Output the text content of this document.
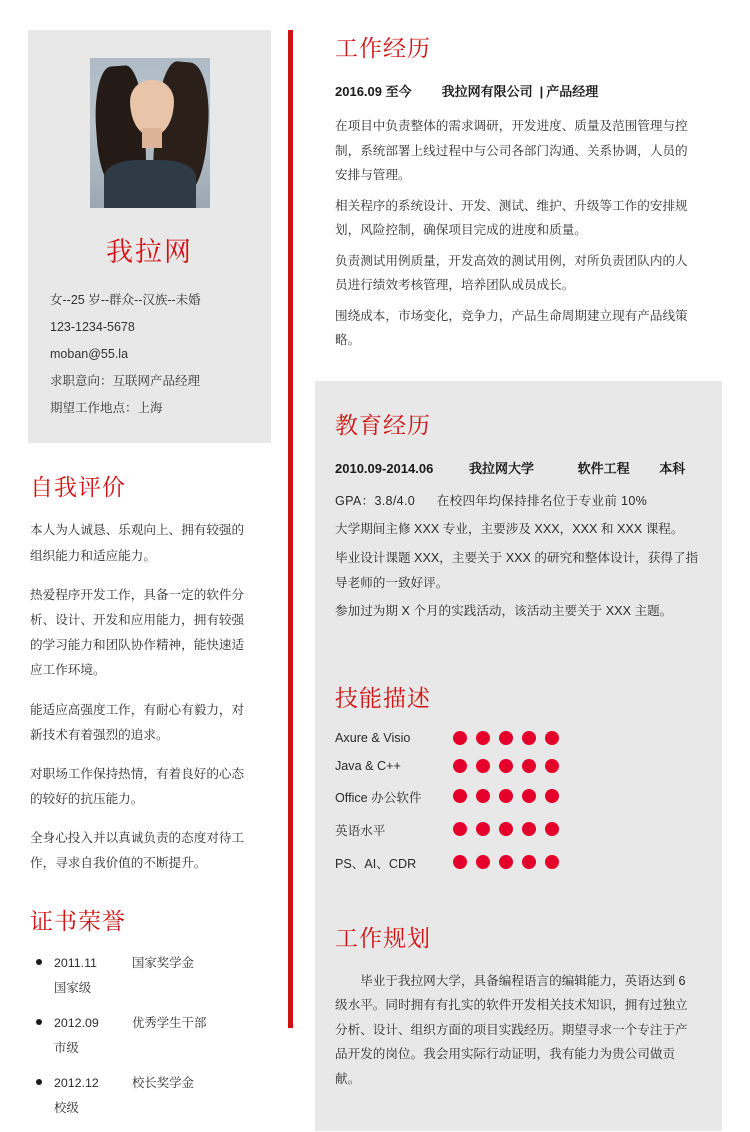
我拉网
女--25 岁--群众--汉族--未婚
123-1234-5678
moban@55.la
求职意向：互联网产品经理
期望工作地点：上海
自我评价

本人为人诚恳、乐观向上、拥有较强的组织能力和适应能力。

热爱程序开发工作，具备一定的软件分析、设计、开发和应用能力，拥有较强的学习能力和团队协作精神，能快速适应工作环境。

能适应高强度工作，有耐心有毅力，对新技术有着强烈的追求。

对职场工作保持热情，有着良好的心态的较好的抗压能力。

全身心投入并以真诚负责的态度对待工作，寻求自我价值的不断提升。

证书荣誉
2011.11	国家奖学金
国家级
2012.09	优秀学生干部
市级
2012.12	校长奖学金
校级
工作经历
2016.09 至今 我拉网有限公司 | 产品经理

在项目中负责整体的需求调研，开发进度、质量及范围管理与控制，系统部署上线过程中与公司各部门沟通、关系协调，人员的安排与管理。

相关程序的系统设计、开发、测试、维护、升级等工作的安排规划，风险控制，确保项目完成的进度和质量。

负责测试用例质量，开发高效的测试用例，对所负责团队内的人员进行绩效考核管理，培养团队成员成长。

围绕成本，市场变化，竞争力，产品生命周期建立现有产品线策略。

教育经历
2010.09-2014.06	我拉网大学	软件工程 本科

GPA：3.8/4.0 在校四年均保持排名位于专业前 10%

大学期间主修 XXX 专业，主要涉及 XXX，XXX 和 XXX 课程。

毕业设计课题 XXX，主要关于 XXX 的研究和整体设计，获得了指导老师的一致好评。

参加过为期 X 个月的实践活动，该活动主要关于 XXX 主题。

技能描述
Axure & Visio
Java & C++
Office 办公软件
英语水平
PS、AI、CDR
工作规划
毕业于我拉网大学，具备编程语言的编辑能力，英语达到 6 级水平。同时拥有有扎实的软件开发相关技术知识，拥有过独立分析、设计、组织方面的项目实践经历。期望寻求一个专注于产品开发的岗位。我会用实际行动证明，我有能力为贵公司做贡献。
